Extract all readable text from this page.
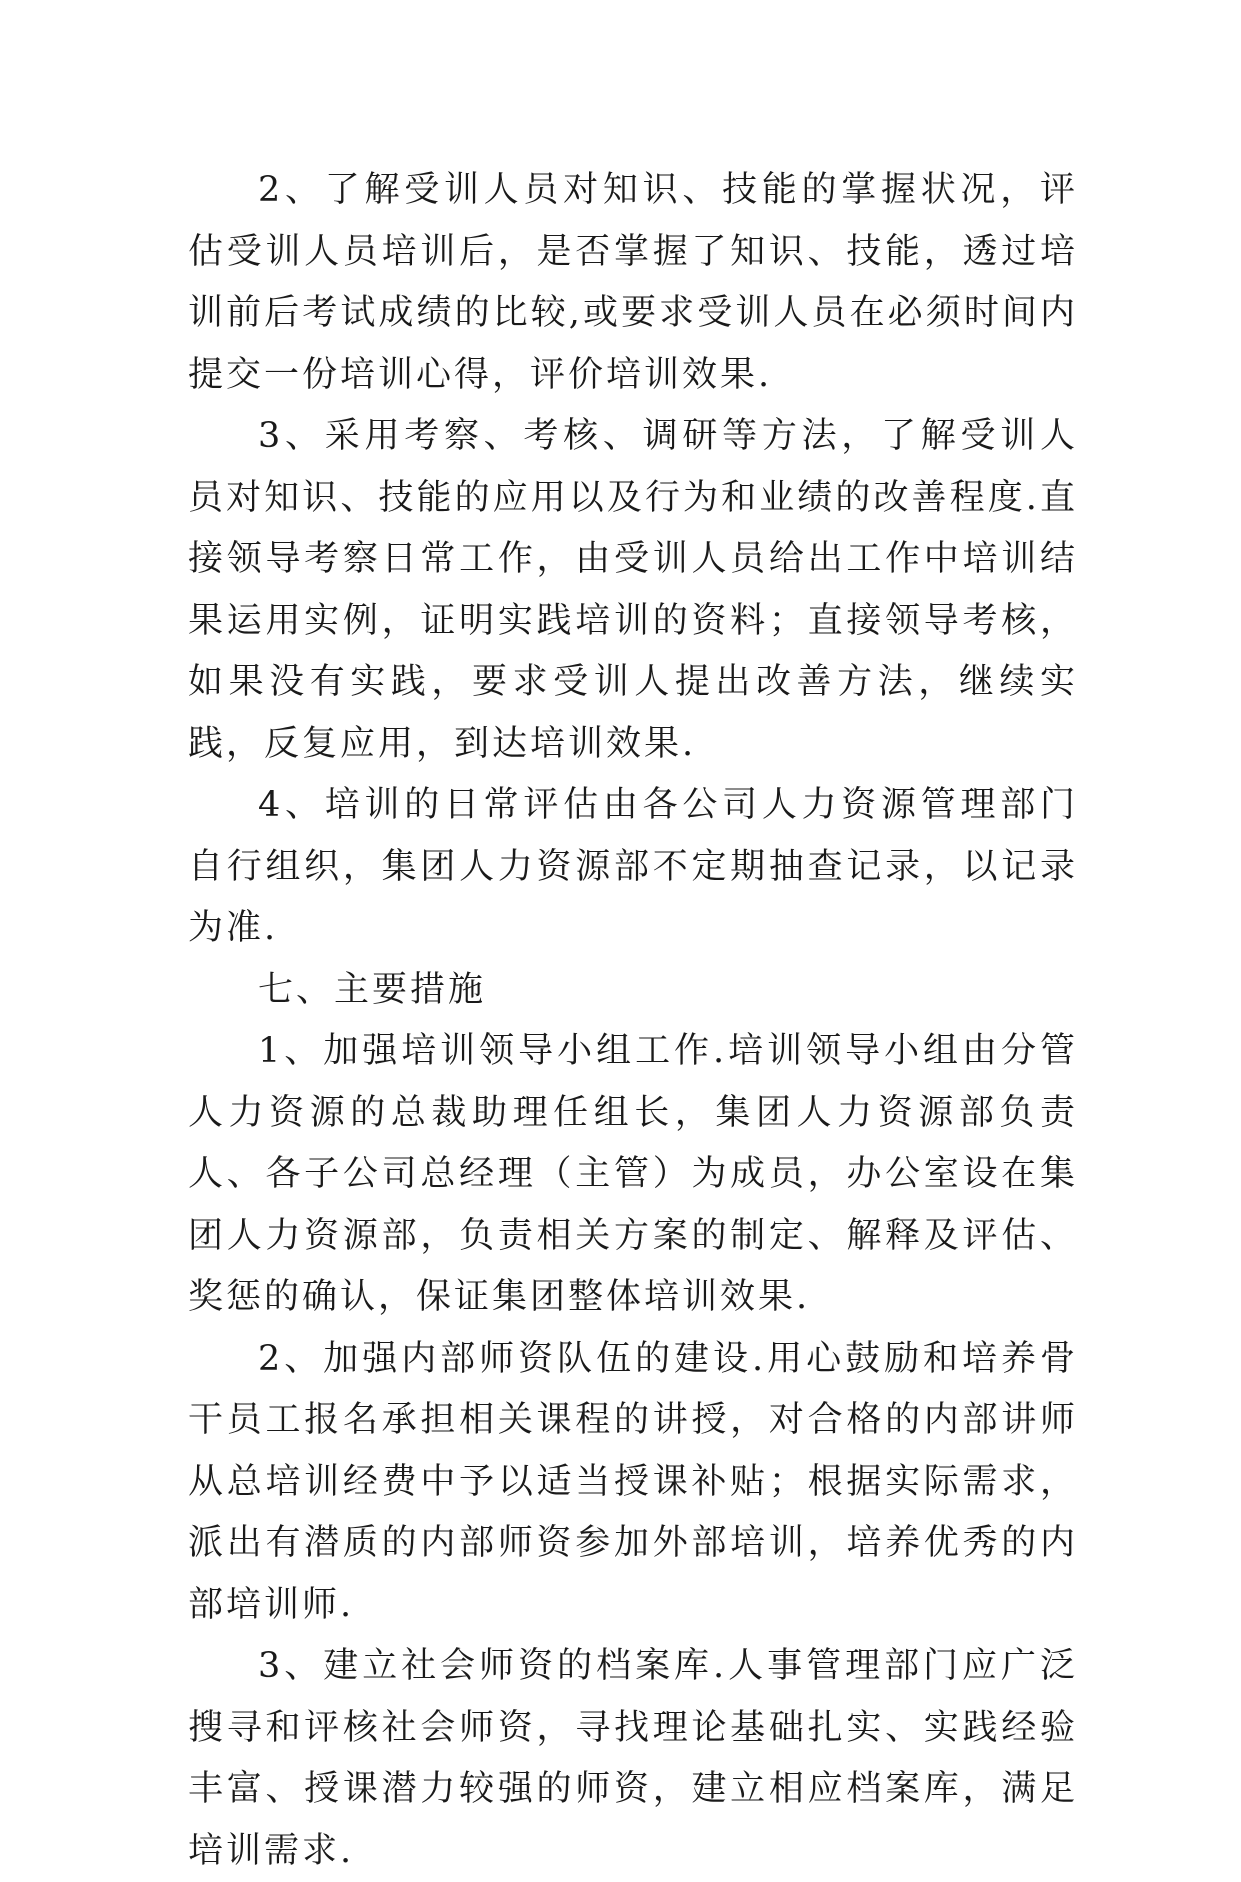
2、了解受训人员对知识、技能的掌握状况，评估受训人员培训后，是否掌握了知识、技能，透过培训前后考试成绩的比较,或要求受训人员在必须时间内提交一份培训心得，评价培训效果.

3、采用考察、考核、调研等方法，了解受训人员对知识、技能的应用以及行为和业绩的改善程度.直接领导考察日常工作，由受训人员给出工作中培训结果运用实例，证明实践培训的资料；直接领导考核，如果没有实践，要求受训人提出改善方法，继续实践，反复应用，到达培训效果.

4、培训的日常评估由各公司人力资源管理部门自行组织，集团人力资源部不定期抽查记录，以记录为准.

七、主要措施

1、加强培训领导小组工作.培训领导小组由分管人力资源的总裁助理任组长，集团人力资源部负责人、各子公司总经理（主管）为成员，办公室设在集团人力资源部，负责相关方案的制定、解释及评估、奖惩的确认，保证集团整体培训效果.

2、加强内部师资队伍的建设.用心鼓励和培养骨干员工报名承担相关课程的讲授，对合格的内部讲师从总培训经费中予以适当授课补贴；根据实际需求，派出有潜质的内部师资参加外部培训，培养优秀的内部培训师.

3、建立社会师资的档案库.人事管理部门应广泛搜寻和评核社会师资，寻找理论基础扎实、实践经验丰富、授课潜力较强的师资，建立相应档案库，满足培训需求.
